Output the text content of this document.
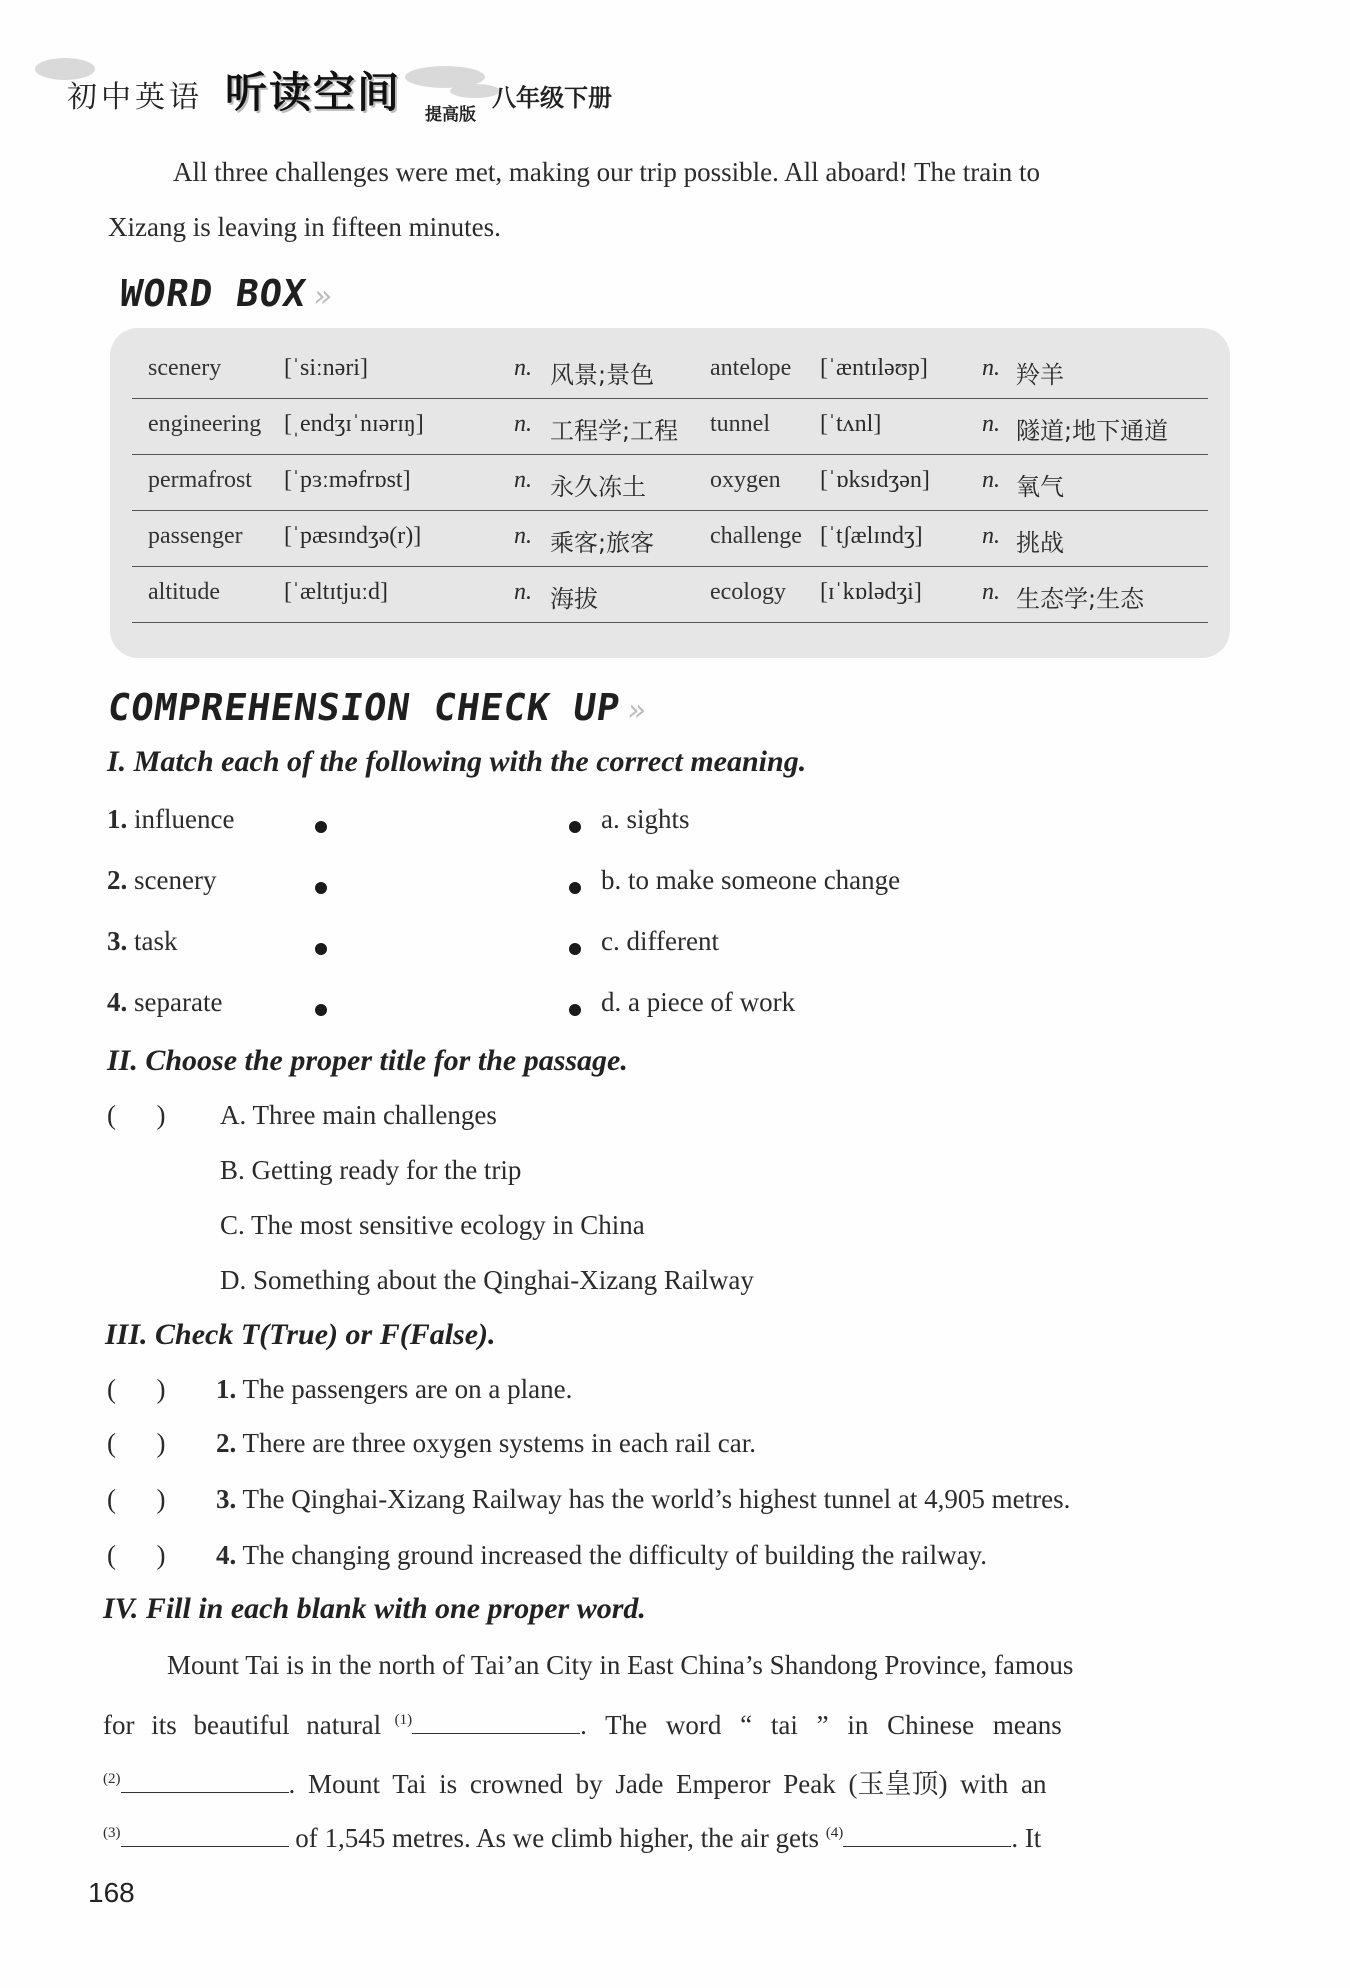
初中英语 听读空间 提高版
八年级下册
All three challenges were met, making our trip possible. All aboard! The train to
Xizang is leaving in fifteen minutes.
WORD BOX»
scenery	[ˈsiːnəri]	n. 风景;景色 antelope [ˈæntɪləʊp] n. 羚羊
engineering [ˌendʒɪˈnɪərɪŋ]	n. 工程学;工程 tunnel [ˈtʌnl]	n. 隧道;地下通道
permafrost [ˈpɜːməfrɒst]	n. 永久冻土	oxygen [ˈɒksɪdʒən] n. 氧气
passenger [ˈpæsɪndʒə(r)]	n. 乘客;旅客 challenge [ˈtʃælɪndʒ] n. 挑战
altitude	[ˈæltɪtjuːd]	n. 海拔	ecology [ɪˈkɒlədʒi]	n. 生态学;生态
COMPREHENSION CHECK UP»
I. Match each of the following with the correct meaning.
1. influence
2. scenery
3. task
4. separate
a. sights
b. to make someone change
c. different
d. a piece of work
II. Choose the proper title for the passage.
(      ) A. Three main challenges
B. Getting ready for the trip
C. The most sensitive ecology in China
D. Something about the Qinghai-Xizang Railway
III. Check T(True) or F(False).
(      ) 1. The passengers are on a plane.
(      ) 2. There are three oxygen systems in each rail car.
(      ) 3. The Qinghai-Xizang Railway has the world’s highest tunnel at 4,905 metres.
(      ) 4. The changing ground increased the difficulty of building the railway.
IV. Fill in each blank with one proper word.
Mount Tai is in the north of Tai’an City in East China’s Shandong Province, famous
for its beautiful natural $^{(1)}$	. The word “ tai ” in Chinese means
$^{(2)}$	. Mount Tai is crowned by Jade Emperor Peak (玉皇顶) with an
$^{(3)}$	of 1,545 metres. As we climb higher, the air gets $^{(4)}$	. It
168
